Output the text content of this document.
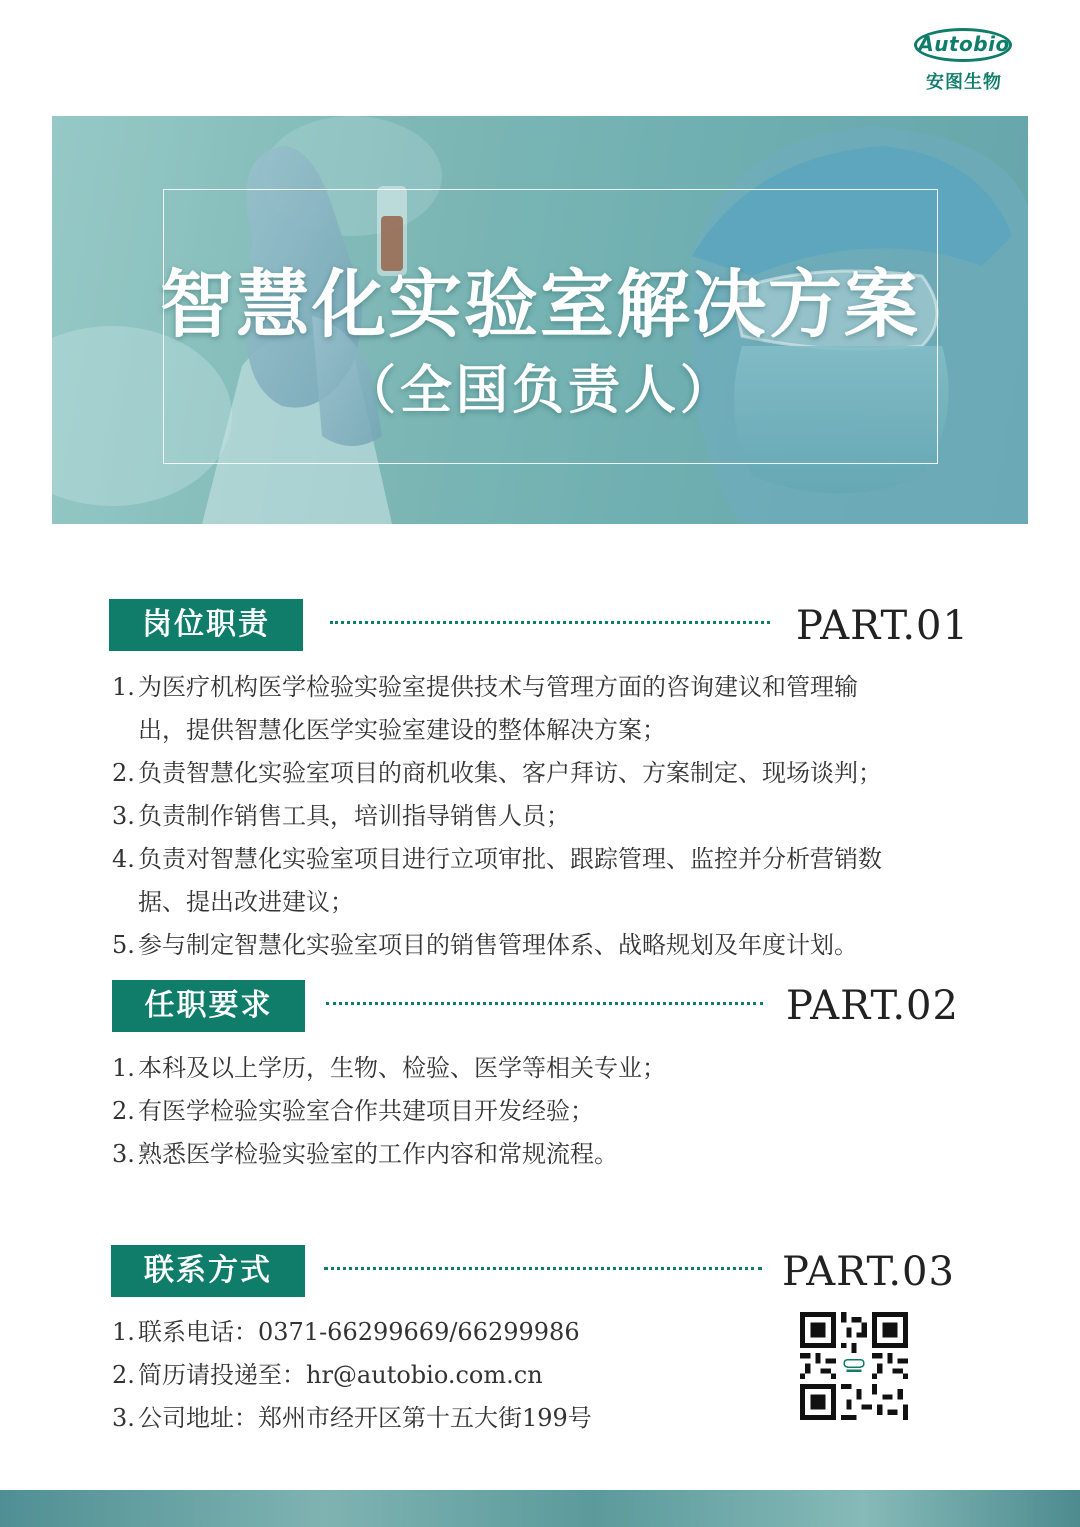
Autobio
安图生物
智慧化实验室解决方案
（全国负责人）
岗位职责	PART.01
1. 为医疗机构医学检验实验室提供技术与管理方面的咨询建议和管理输
出，提供智慧化医学实验室建设的整体解决方案；
2. 负责智慧化实验室项目的商机收集、客户拜访、方案制定、现场谈判；
3. 负责制作销售工具，培训指导销售人员；
4. 负责对智慧化实验室项目进行立项审批、跟踪管理、监控并分析营销数
据、提出改进建议；
5. 参与制定智慧化实验室项目的销售管理体系、战略规划及年度计划。
任职要求	PART.02
1. 本科及以上学历，生物、检验、医学等相关专业；
2. 有医学检验实验室合作共建项目开发经验；
3. 熟悉医学检验实验室的工作内容和常规流程。
联系方式	PART.03
1. 联系电话：0371-66299669/66299986
2. 简历请投递至：hr@autobio.com.cn
3. 公司地址：郑州市经开区第十五大街199号
